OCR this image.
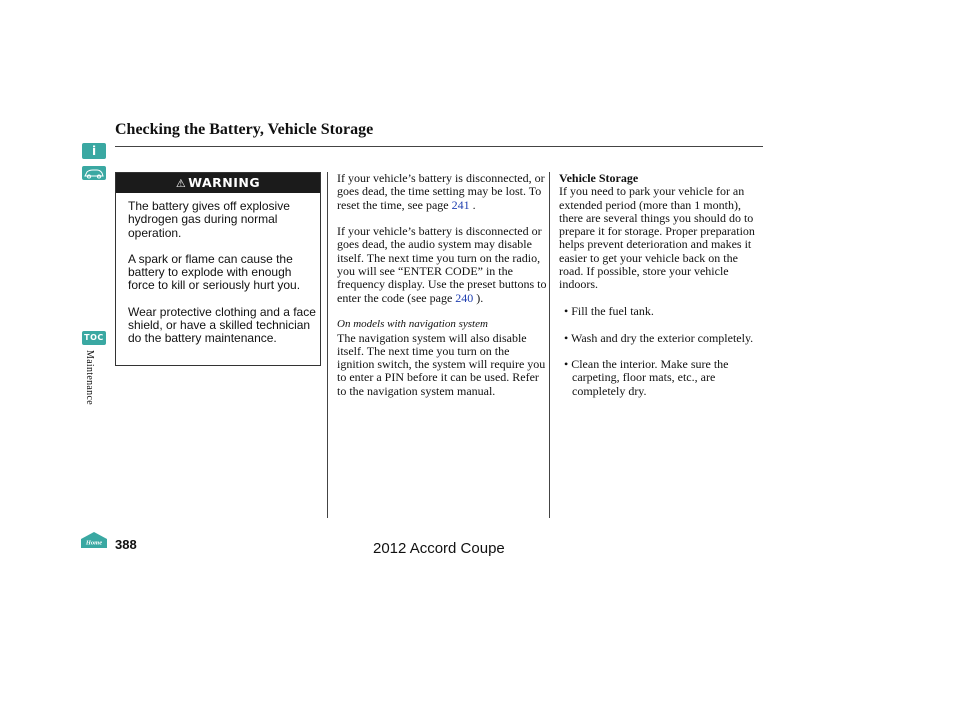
Checking the Battery, Vehicle Storage
i
TOC
Maintenance
Home
⚠ WARNING

The battery gives off explosive hydrogen gas during normal operation.

A spark or flame can cause the battery to explode with enough force to kill or seriously hurt you.

Wear protective clothing and a face shield, or have a skilled technician do the battery maintenance.

If your vehicle’s battery is disconnected, or goes dead, the time setting may be lost. To reset the time, see page 241 .

If your vehicle’s battery is disconnected or goes dead, the audio system may disable itself. The next time you turn on the radio, you will see “ENTER CODE” in the frequency display. Use the preset buttons to enter the code (see page 240 ).

On models with navigation system

The navigation system will also disable itself. The next time you turn on the ignition switch, the system will require you to enter a PIN before it can be used. Refer to the navigation system manual.

Vehicle Storage

If you need to park your vehicle for an extended period (more than 1 month), there are several things you should do to prepare it for storage. Proper preparation helps prevent deterioration and makes it easier to get your vehicle back on the road. If possible, store your vehicle indoors.

• Fill the fuel tank.

• Wash and dry the exterior completely.

• Clean the interior. Make sure the carpeting, floor mats, etc., are completely dry.

388	2012 Accord Coupe
